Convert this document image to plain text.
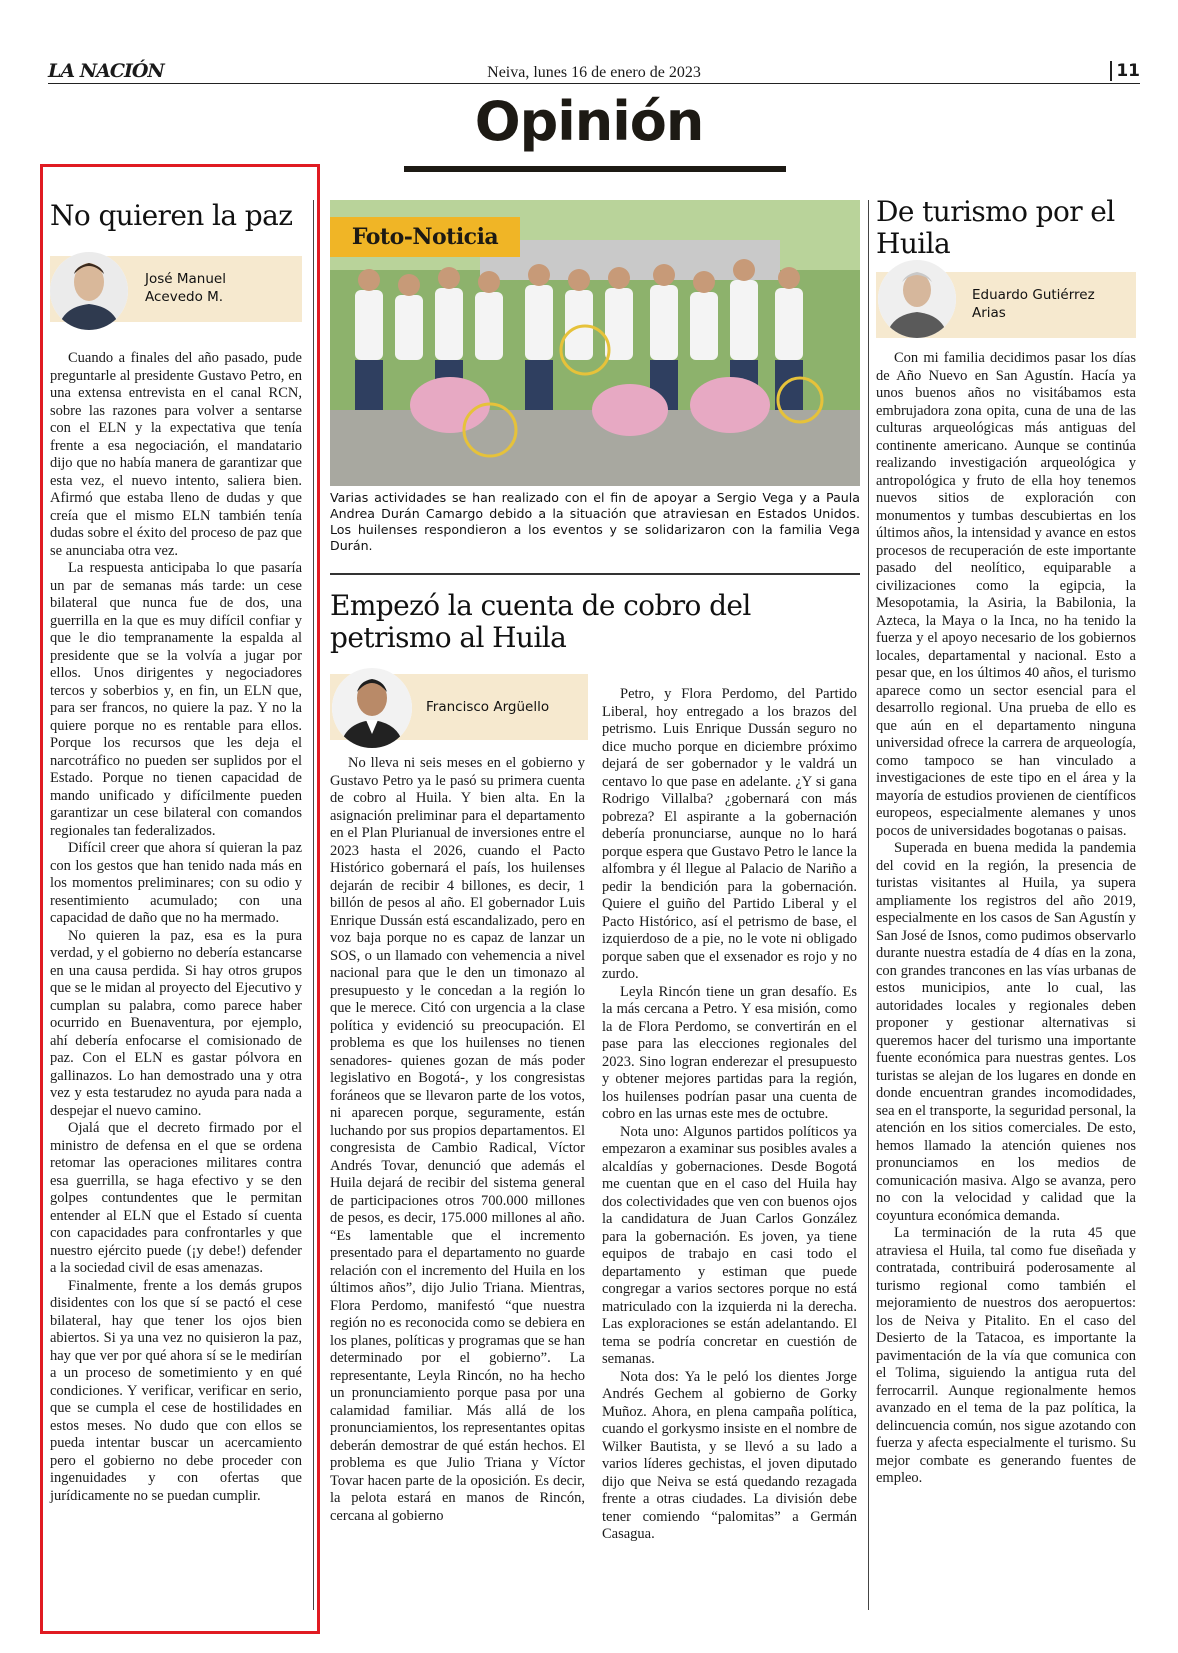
LA NACIÓN	Neiva, lunes 16 de enero de 2023	11
Opinión
No quieren la paz
José Manuel
Acevedo M.

Cuando a finales del año pasado, pude preguntarle al presidente Gustavo Petro, en una extensa entrevista en el canal RCN, sobre las razones para volver a sentarse con el ELN y la expectativa que tenía frente a esa negociación, el mandatario dijo que no había manera de garantizar que esta vez, el nuevo intento, saliera bien. Afirmó que estaba lleno de dudas y que creía que el mismo ELN también tenía dudas sobre el éxito del proceso de paz que se anunciaba otra vez.

La respuesta anticipaba lo que pasaría un par de semanas más tarde: un cese bilateral que nunca fue de dos, una guerrilla en la que es muy difícil confiar y que le dio tempranamente la espalda al presidente que se la volvía a jugar por ellos. Unos dirigentes y negociadores tercos y soberbios y, en fin, un ELN que, para ser francos, no quiere la paz. Y no la quiere porque no es rentable para ellos. Porque los recursos que les deja el narcotráfico no pueden ser suplidos por el Estado. Porque no tienen capacidad de mando unificado y difícilmente pueden garantizar un cese bilateral con comandos regionales tan federalizados.

Difícil creer que ahora sí quieran la paz con los gestos que han tenido nada más en los momentos preliminares; con su odio y resentimiento acumulado; con una capacidad de daño que no ha mermado.

No quieren la paz, esa es la pura verdad, y el gobierno no debería estancarse en una causa perdida. Si hay otros grupos que se le midan al proyecto del Ejecutivo y cumplan su palabra, como parece haber ocurrido en Buenaventura, por ejemplo, ahí debería enfocarse el comisionado de paz. Con el ELN es gastar pólvora en gallinazos. Lo han demostrado una y otra vez y esta testarudez no ayuda para nada a despejar el nuevo camino.

Ojalá que el decreto firmado por el ministro de defensa en el que se ordena retomar las operaciones militares contra esa guerrilla, se haga efectivo y se den golpes contundentes que le permitan entender al ELN que el Estado sí cuenta con capacidades para confrontarles y que nuestro ejército puede (¡y debe!) defender a la sociedad civil de esas amenazas.

Finalmente, frente a los demás grupos disidentes con los que sí se pactó el cese bilateral, hay que tener los ojos bien abiertos. Si ya una vez no quisieron la paz, hay que ver por qué ahora sí se le medirían a un proceso de sometimiento y en qué condiciones. Y verificar, verificar en serio, que se cumpla el cese de hostilidades en estos meses. No dudo que con ellos se pueda intentar buscar un acercamiento pero el gobierno no debe proceder con ingenuidades y con ofertas que jurídicamente no se puedan cumplir.

Foto-Noticia
Varias actividades se han realizado con el fin de apoyar a Sergio Vega y a Paula Andrea Durán Camargo debido a la situación que atraviesan en Estados Unidos. Los huilenses respondieron a los eventos y se solidarizaron con la familia Vega Durán.
Empezó la cuenta de cobro del petrismo al Huila
Francisco Argüello

No lleva ni seis meses en el gobierno y Gustavo Petro ya le pasó su primera cuenta de cobro al Huila. Y bien alta. En la asignación preliminar para el departamento en el Plan Plurianual de inversiones entre el 2023 hasta el 2026, cuando el Pacto Histórico gobernará el país, los huilenses dejarán de recibir 4 billones, es decir, 1 billón de pesos al año. El gobernador Luis Enrique Dussán está escandalizado, pero en voz baja porque no es capaz de lanzar un SOS, o un llamado con vehemencia a nivel nacional para que le den un timonazo al presupuesto y le concedan a la región lo que le merece. Citó con urgencia a la clase política y evidenció su preocupación. El problema es que los huilenses no tienen senadores- quienes gozan de más poder legislativo en Bogotá-, y los congresistas foráneos que se llevaron parte de los votos, ni aparecen porque, seguramente, están luchando por sus propios departamentos. El congresista de Cambio Radical, Víctor Andrés Tovar, denunció que además el Huila dejará de recibir del sistema general de participaciones otros 700.000 millones de pesos, es decir, 175.000 millones al año. “Es lamentable que el incremento presentado para el departamento no guarde relación con el incremento del Huila en los últimos años”, dijo Julio Triana. Mientras, Flora Perdomo, manifestó “que nuestra región no es reconocida como se debiera en los planes, políticas y programas que se han determinado por el gobierno”. La representante, Leyla Rincón, no ha hecho un pronunciamiento porque pasa por una calamidad familiar. Más allá de los pronunciamientos, los representantes opitas deberán demostrar de qué están hechos. El problema es que Julio Triana y Víctor Tovar hacen parte de la oposición. Es decir, la pelota estará en manos de Rincón, cercana al gobierno

Petro, y Flora Perdomo, del Partido Liberal, hoy entregado a los brazos del petrismo. Luis Enrique Dussán seguro no dice mucho porque en diciembre próximo dejará de ser gobernador y le valdrá un centavo lo que pase en adelante. ¿Y si gana Rodrigo Villalba? ¿gobernará con más pobreza? El aspirante a la gobernación debería pronunciarse, aunque no lo hará porque espera que Gustavo Petro le lance la alfombra y él llegue al Palacio de Nariño a pedir la bendición para la gobernación. Quiere el guiño del Partido Liberal y el Pacto Histórico, así el petrismo de base, el izquierdoso de a pie, no le vote ni obligado porque saben que el exsenador es rojo y no zurdo.

Leyla Rincón tiene un gran desafío. Es la más cercana a Petro. Y esa misión, como la de Flora Perdomo, se convertirán en el pase para las elecciones regionales del 2023. Sino logran enderezar el presupuesto y obtener mejores partidas para la región, los huilenses podrían pasar una cuenta de cobro en las urnas este mes de octubre.

Nota uno: Algunos partidos políticos ya empezaron a examinar sus posibles avales a alcaldías y gobernaciones. Desde Bogotá me cuentan que en el caso del Huila hay dos colectividades que ven con buenos ojos la candidatura de Juan Carlos González para la gobernación. Es joven, ya tiene equipos de trabajo en casi todo el departamento y estiman que puede congregar a varios sectores porque no está matriculado con la izquierda ni la derecha. Las exploraciones se están adelantando. El tema se podría concretar en cuestión de semanas.

Nota dos: Ya le peló los dientes Jorge Andrés Gechem al gobierno de Gorky Muñoz. Ahora, en plena campaña política, cuando el gorkysmo insiste en el nombre de Wilker Bautista, y se llevó a su lado a varios líderes gechistas, el joven diputado dijo que Neiva se está quedando rezagada frente a otras ciudades. La división debe tener comiendo “palomitas” a Germán Casagua.

De turismo por el Huila
Eduardo Gutiérrez
Arias

Con mi familia decidimos pasar los días de Año Nuevo en San Agustín. Hacía ya unos buenos años no visitábamos esta embrujadora zona opita, cuna de una de las culturas arqueológicas más antiguas del continente americano. Aunque se continúa realizando investigación arqueológica y antropológica y fruto de ella hoy tenemos nuevos sitios de exploración con monumentos y tumbas descubiertas en los últimos años, la intensidad y avance en estos procesos de recuperación de este importante pasado del neolítico, equiparable a civilizaciones como la egipcia, la Mesopotamia, la Asiria, la Babilonia, la Azteca, la Maya o la Inca, no ha tenido la fuerza y el apoyo necesario de los gobiernos locales, departamental y nacional. Esto a pesar que, en los últimos 40 años, el turismo aparece como un sector esencial para el desarrollo regional. Una prueba de ello es que aún en el departamento ninguna universidad ofrece la carrera de arqueología, como tampoco se han vinculado a investigaciones de este tipo en el área y la mayoría de estudios provienen de científicos europeos, especialmente alemanes y unos pocos de universidades bogotanas o paisas.

Superada en buena medida la pandemia del covid en la región, la presencia de turistas visitantes al Huila, ya supera ampliamente los registros del año 2019, especialmente en los casos de San Agustín y San José de Isnos, como pudimos observarlo durante nuestra estadía de 4 días en la zona, con grandes trancones en las vías urbanas de estos municipios, ante lo cual, las autoridades locales y regionales deben proponer y gestionar alternativas si queremos hacer del turismo una importante fuente económica para nuestras gentes. Los turistas se alejan de los lugares en donde en donde encuentran grandes incomodidades, sea en el transporte, la seguridad personal, la atención en los sitios comerciales. De esto, hemos llamado la atención quienes nos pronunciamos en los medios de comunicación masiva. Algo se avanza, pero no con la velocidad y calidad que la coyuntura económica demanda.

La terminación de la ruta 45 que atraviesa el Huila, tal como fue diseñada y contratada, contribuirá poderosamente al turismo regional como también el mejoramiento de nuestros dos aeropuertos: los de Neiva y Pitalito. En el caso del Desierto de la Tatacoa, es importante la pavimentación de la vía que comunica con el Tolima, siguiendo la antigua ruta del ferrocarril. Aunque regionalmente hemos avanzado en el tema de la paz política, la delincuencia común, nos sigue azotando con fuerza y afecta especialmente el turismo. Su mejor combate es generando fuentes de empleo.
